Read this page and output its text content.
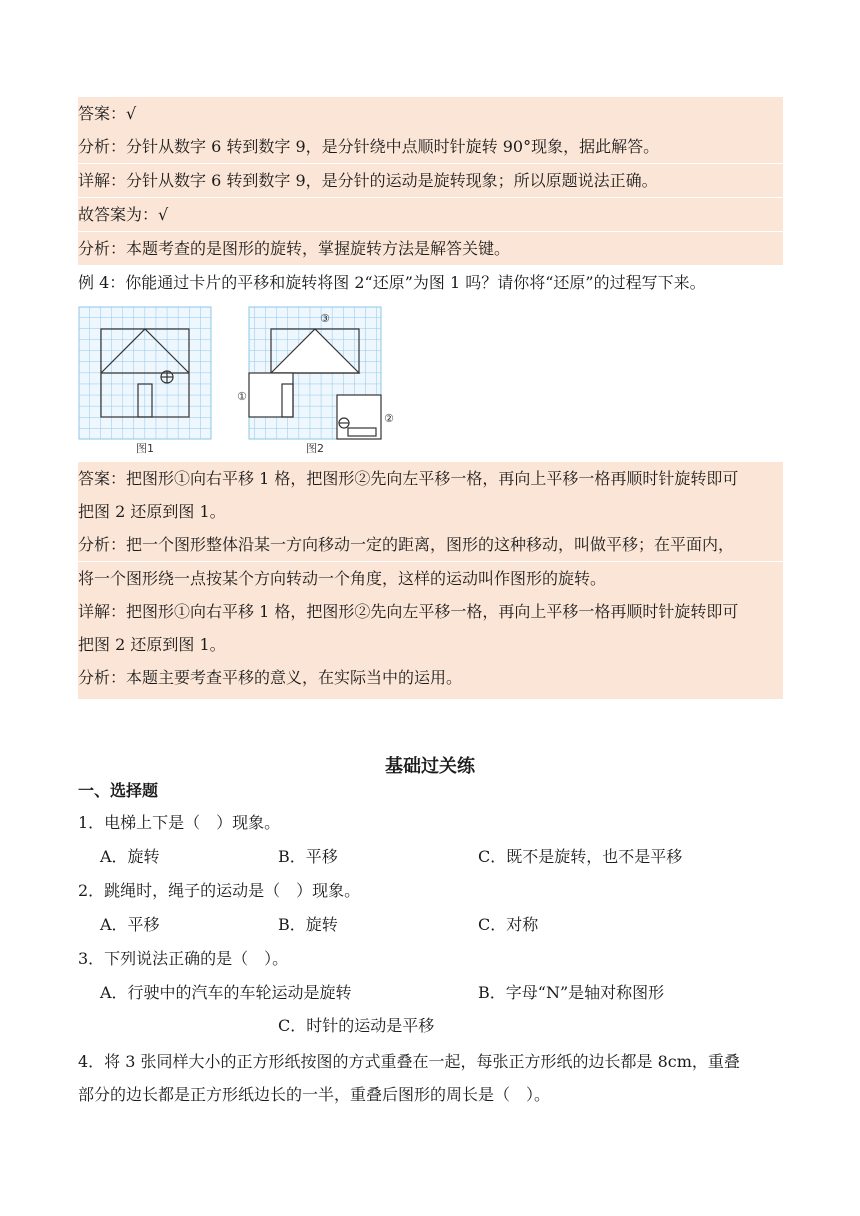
答案：√
分析：分针从数字 6 转到数字 9，是分针绕中点顺时针旋转 90°现象，据此解答。
详解：分针从数字 6 转到数字 9，是分针的运动是旋转现象；所以原题说法正确。
故答案为：√
分析：本题考查的是图形的旋转，掌握旋转方法是解答关键。
例 4：你能通过卡片的平移和旋转将图 2“还原”为图 1 吗？请你将“还原”的过程写下来。
图1
①
②
③
图2
答案：把图形①向右平移 1 格，把图形②先向左平移一格，再向上平移一格再顺时针旋转即可
把图 2 还原到图 1。
分析：把一个图形整体沿某一方向移动一定的距离，图形的这种移动，叫做平移；在平面内，
将一个图形绕一点按某个方向转动一个角度，这样的运动叫作图形的旋转。
详解：把图形①向右平移 1 格，把图形②先向左平移一格，再向上平移一格再顺时针旋转即可
把图 2 还原到图 1。
分析：本题主要考查平移的意义，在实际当中的运用。
基础过关练
一、选择题
1．电梯上下是（　）现象。
A．旋转	B．平移	C．既不是旋转，也不是平移
2．跳绳时，绳子的运动是（　）现象。
A．平移	B．旋转	C．对称
3．下列说法正确的是（　）。
A．行驶中的汽车的车轮运动是旋转	B．字母“N”是轴对称图形
C．时针的运动是平移
4．将 3 张同样大小的正方形纸按图的方式重叠在一起，每张正方形纸的边长都是 8cm，重叠
部分的边长都是正方形纸边长的一半，重叠后图形的周长是（　）。
